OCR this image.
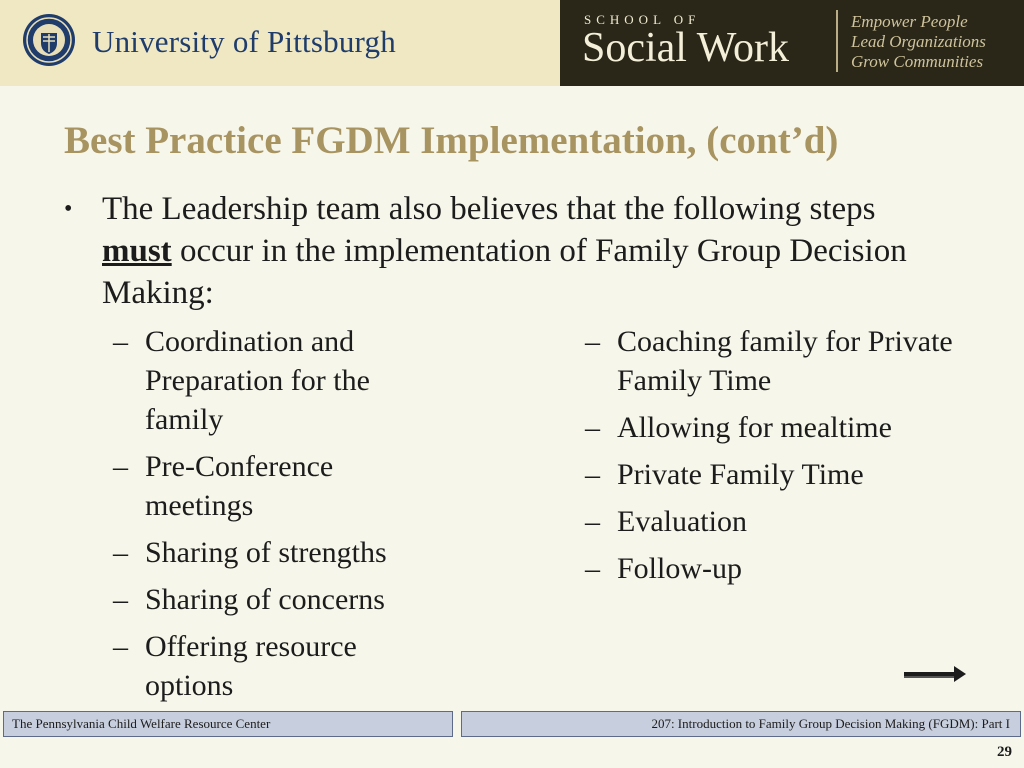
University of Pittsburgh
SCHOOL OF
Social Work
Empower People
Lead Organizations
Grow Communities
Best Practice FGDM Implementation, (cont’d)
• The Leadership team also believes that the following steps must occur in the implementation of Family Group Decision Making:
– Coordination and Preparation for the family
– Pre-Conference meetings
– Sharing of strengths
– Sharing of concerns
– Offering resource options
– Coaching family for Private Family Time
– Allowing for mealtime
– Private Family Time
– Evaluation
– Follow-up
The Pennsylvania Child Welfare Resource Center	207: Introduction to Family Group Decision Making (FGDM): Part I
29
